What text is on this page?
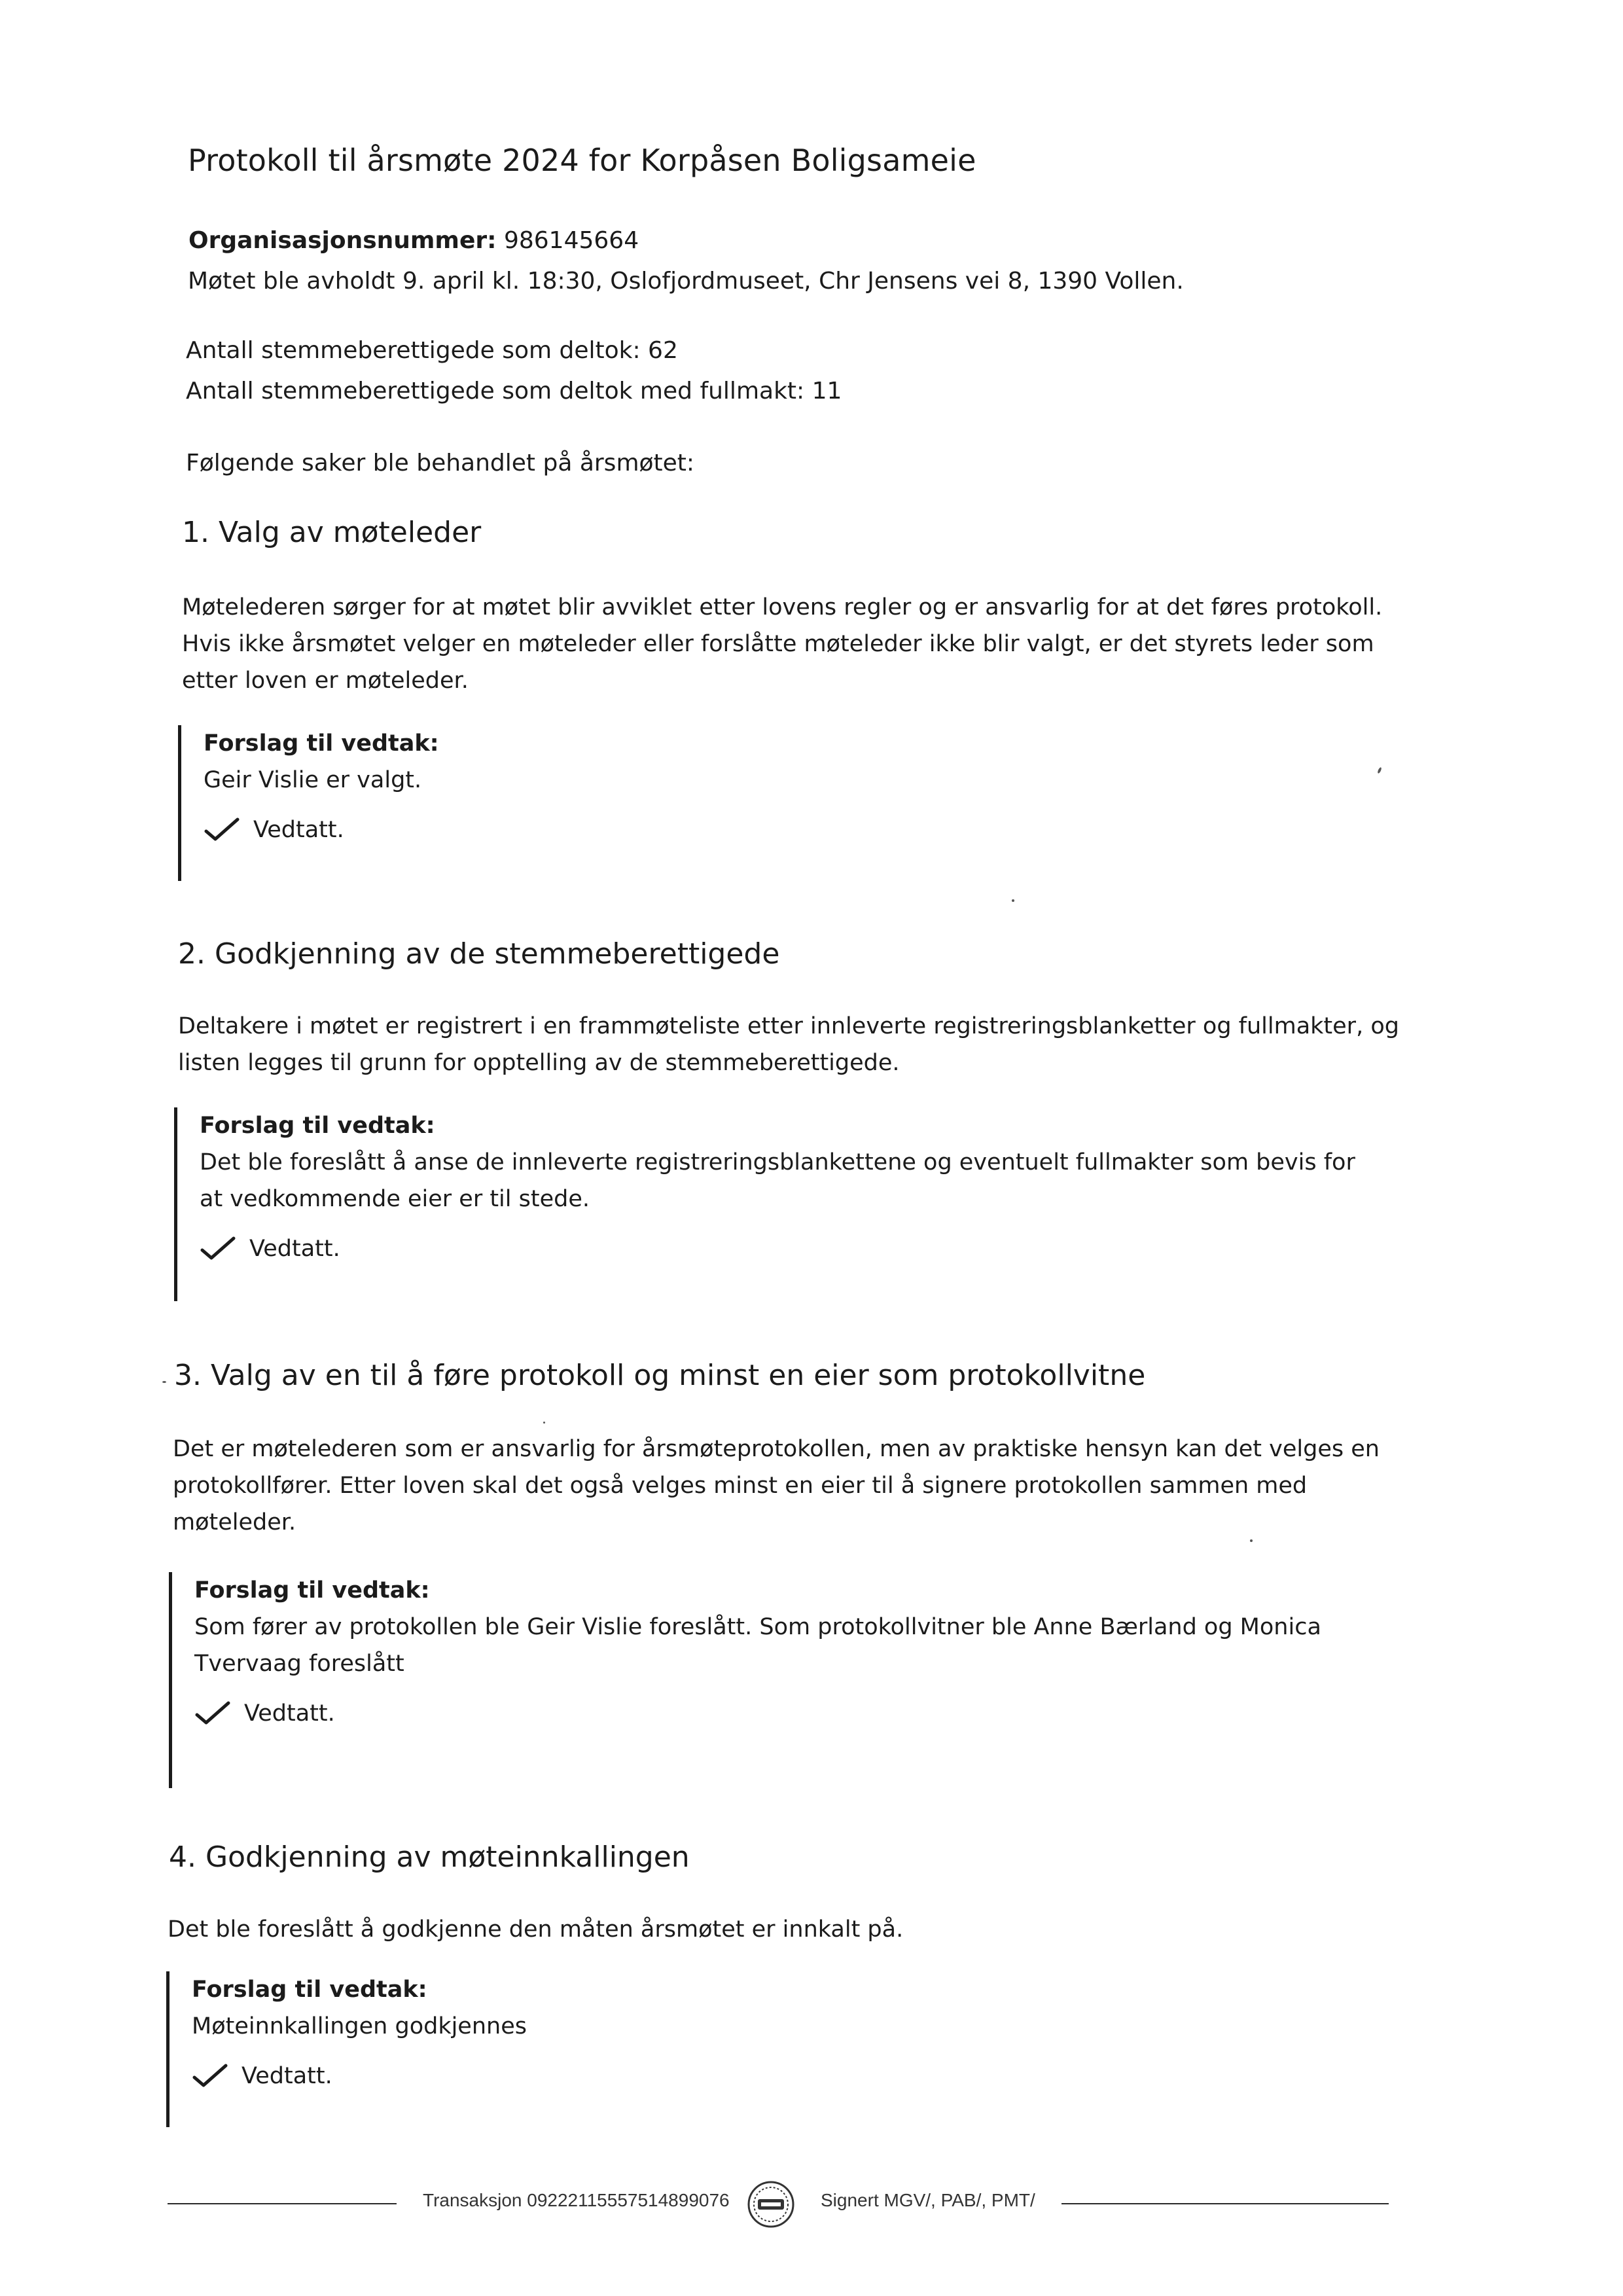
Protokoll til årsmøte 2024 for Korpåsen Boligsameie
Organisasjonsnummer: 986145664
Møtet ble avholdt 9. april kl. 18:30, Oslofjordmuseet, Chr Jensens vei 8, 1390 Vollen.
Antall stemmeberettigede som deltok: 62
Antall stemmeberettigede som deltok med fullmakt: 11
Følgende saker ble behandlet på årsmøtet:
1. Valg av møteleder
Møtelederen sørger for at møtet blir avviklet etter lovens regler og er ansvarlig for at det føres protokoll. Hvis ikke årsmøtet velger en møteleder eller forslåtte møteleder ikke blir valgt, er det styrets leder som etter loven er møteleder.
Forslag til vedtak:
Geir Vislie er valgt.
Vedtatt.
2. Godkjenning av de stemmeberettigede
Deltakere i møtet er registrert i en frammøteliste etter innleverte registreringsblanketter og fullmakter, og listen legges til grunn for opptelling av de stemmeberettigede.
Forslag til vedtak:
Det ble foreslått å anse de innleverte registreringsblankettene og eventuelt fullmakter som bevis for at vedkommende eier er til stede.
Vedtatt.
3. Valg av en til å føre protokoll og minst en eier som protokollvitne
Det er møtelederen som er ansvarlig for årsmøteprotokollen, men av praktiske hensyn kan det velges en protokollfører. Etter loven skal det også velges minst en eier til å signere protokollen sammen med møteleder.
Forslag til vedtak:
Som fører av protokollen ble Geir Vislie foreslått. Som protokollvitner ble Anne Bærland og Monica Tvervaag foreslått
Vedtatt.
4. Godkjenning av møteinnkallingen
Det ble foreslått å godkjenne den måten årsmøtet er innkalt på.
Forslag til vedtak:
Møteinnkallingen godkjennes
Vedtatt.
Transaksjon 09222115557514899076	Signert MGV/, PAB/, PMT/
